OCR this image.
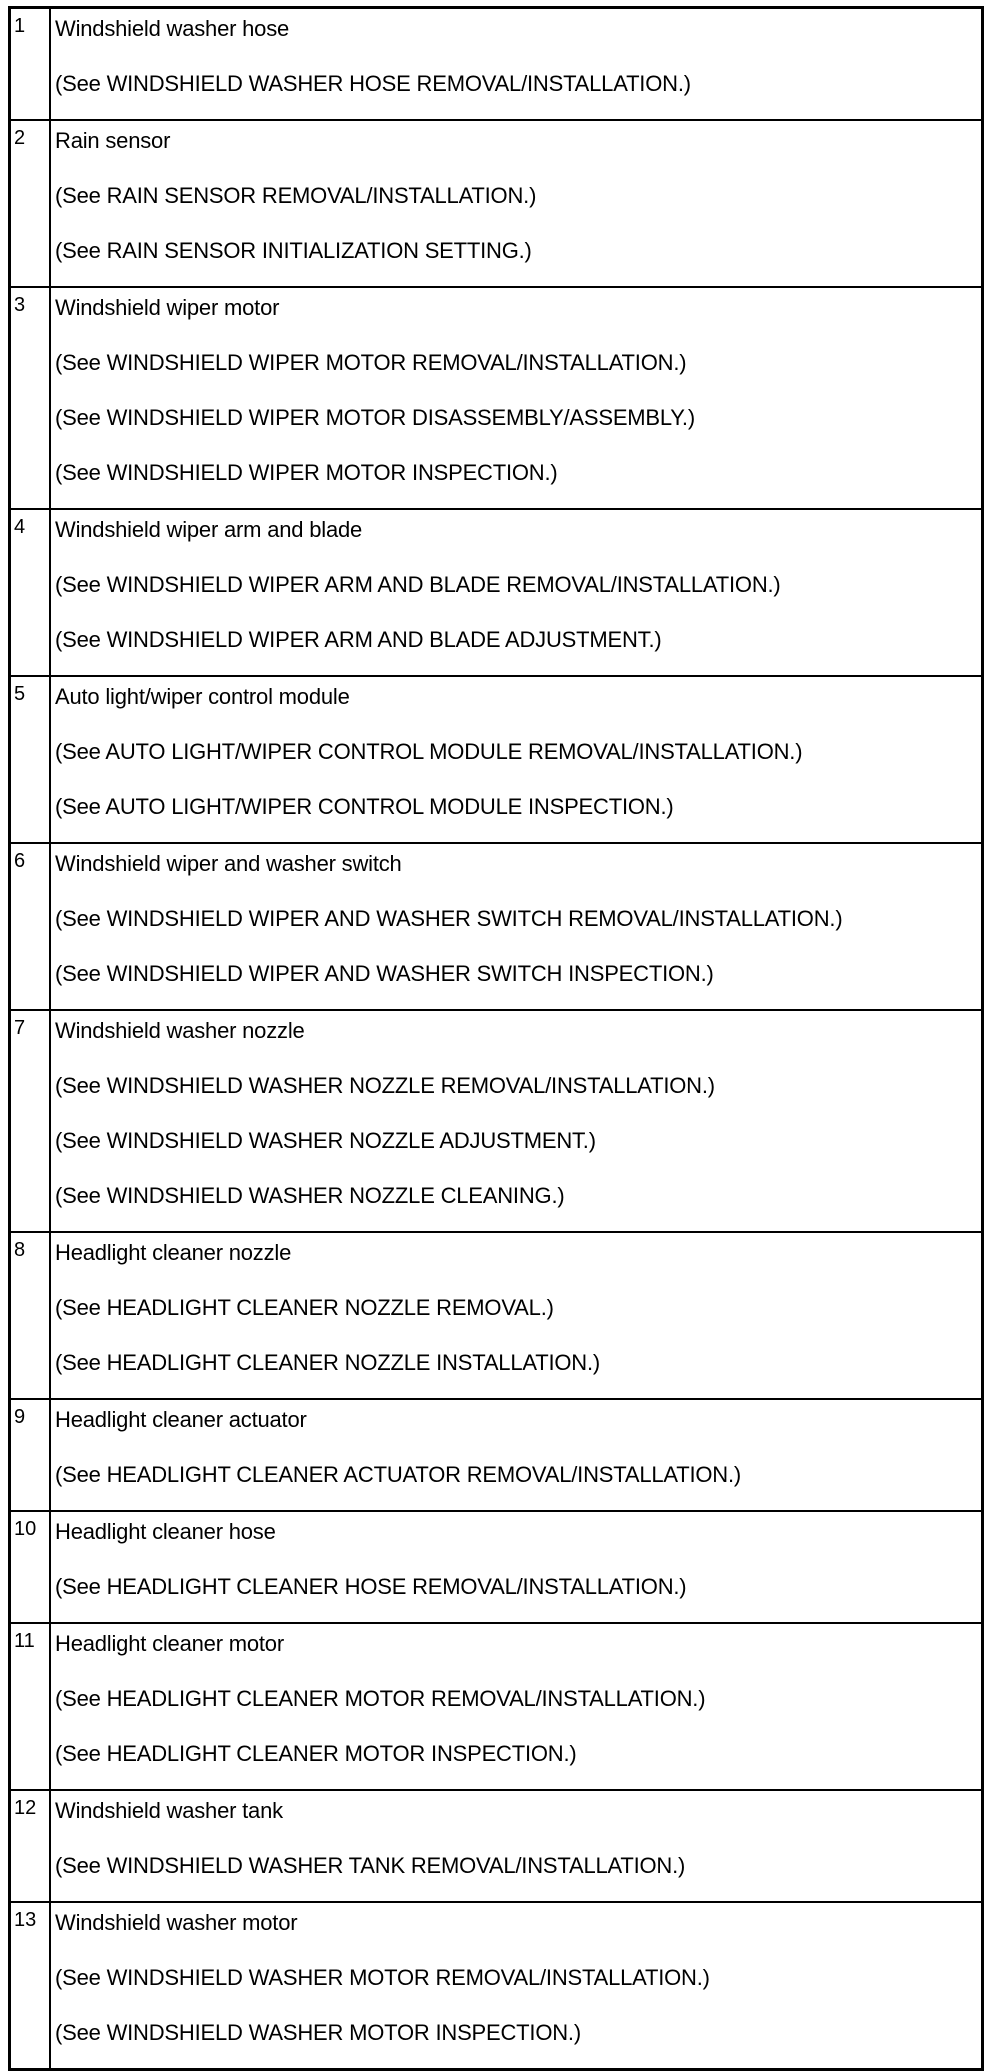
1	Windshield washer hose
(See WINDSHIELD WASHER HOSE REMOVAL/INSTALLATION.)

2	Rain sensor
(See RAIN SENSOR REMOVAL/INSTALLATION.)
(See RAIN SENSOR INITIALIZATION SETTING.)

3	Windshield wiper motor
(See WINDSHIELD WIPER MOTOR REMOVAL/INSTALLATION.)
(See WINDSHIELD WIPER MOTOR DISASSEMBLY/ASSEMBLY.)
(See WINDSHIELD WIPER MOTOR INSPECTION.)

4	Windshield wiper arm and blade
(See WINDSHIELD WIPER ARM AND BLADE REMOVAL/INSTALLATION.)
(See WINDSHIELD WIPER ARM AND BLADE ADJUSTMENT.)

5	Auto light/wiper control module
(See AUTO LIGHT/WIPER CONTROL MODULE REMOVAL/INSTALLATION.)
(See AUTO LIGHT/WIPER CONTROL MODULE INSPECTION.)

6	Windshield wiper and washer switch
(See WINDSHIELD WIPER AND WASHER SWITCH REMOVAL/INSTALLATION.)
(See WINDSHIELD WIPER AND WASHER SWITCH INSPECTION.)

7	Windshield washer nozzle
(See WINDSHIELD WASHER NOZZLE REMOVAL/INSTALLATION.)
(See WINDSHIELD WASHER NOZZLE ADJUSTMENT.)
(See WINDSHIELD WASHER NOZZLE CLEANING.)

8	Headlight cleaner nozzle
(See HEADLIGHT CLEANER NOZZLE REMOVAL.)
(See HEADLIGHT CLEANER NOZZLE INSTALLATION.)

9	Headlight cleaner actuator
(See HEADLIGHT CLEANER ACTUATOR REMOVAL/INSTALLATION.)

10	Headlight cleaner hose
(See HEADLIGHT CLEANER HOSE REMOVAL/INSTALLATION.)

11	Headlight cleaner motor
(See HEADLIGHT CLEANER MOTOR REMOVAL/INSTALLATION.)
(See HEADLIGHT CLEANER MOTOR INSPECTION.)

12	Windshield washer tank
(See WINDSHIELD WASHER TANK REMOVAL/INSTALLATION.)

13	Windshield washer motor
(See WINDSHIELD WASHER MOTOR REMOVAL/INSTALLATION.)
(See WINDSHIELD WASHER MOTOR INSPECTION.)
